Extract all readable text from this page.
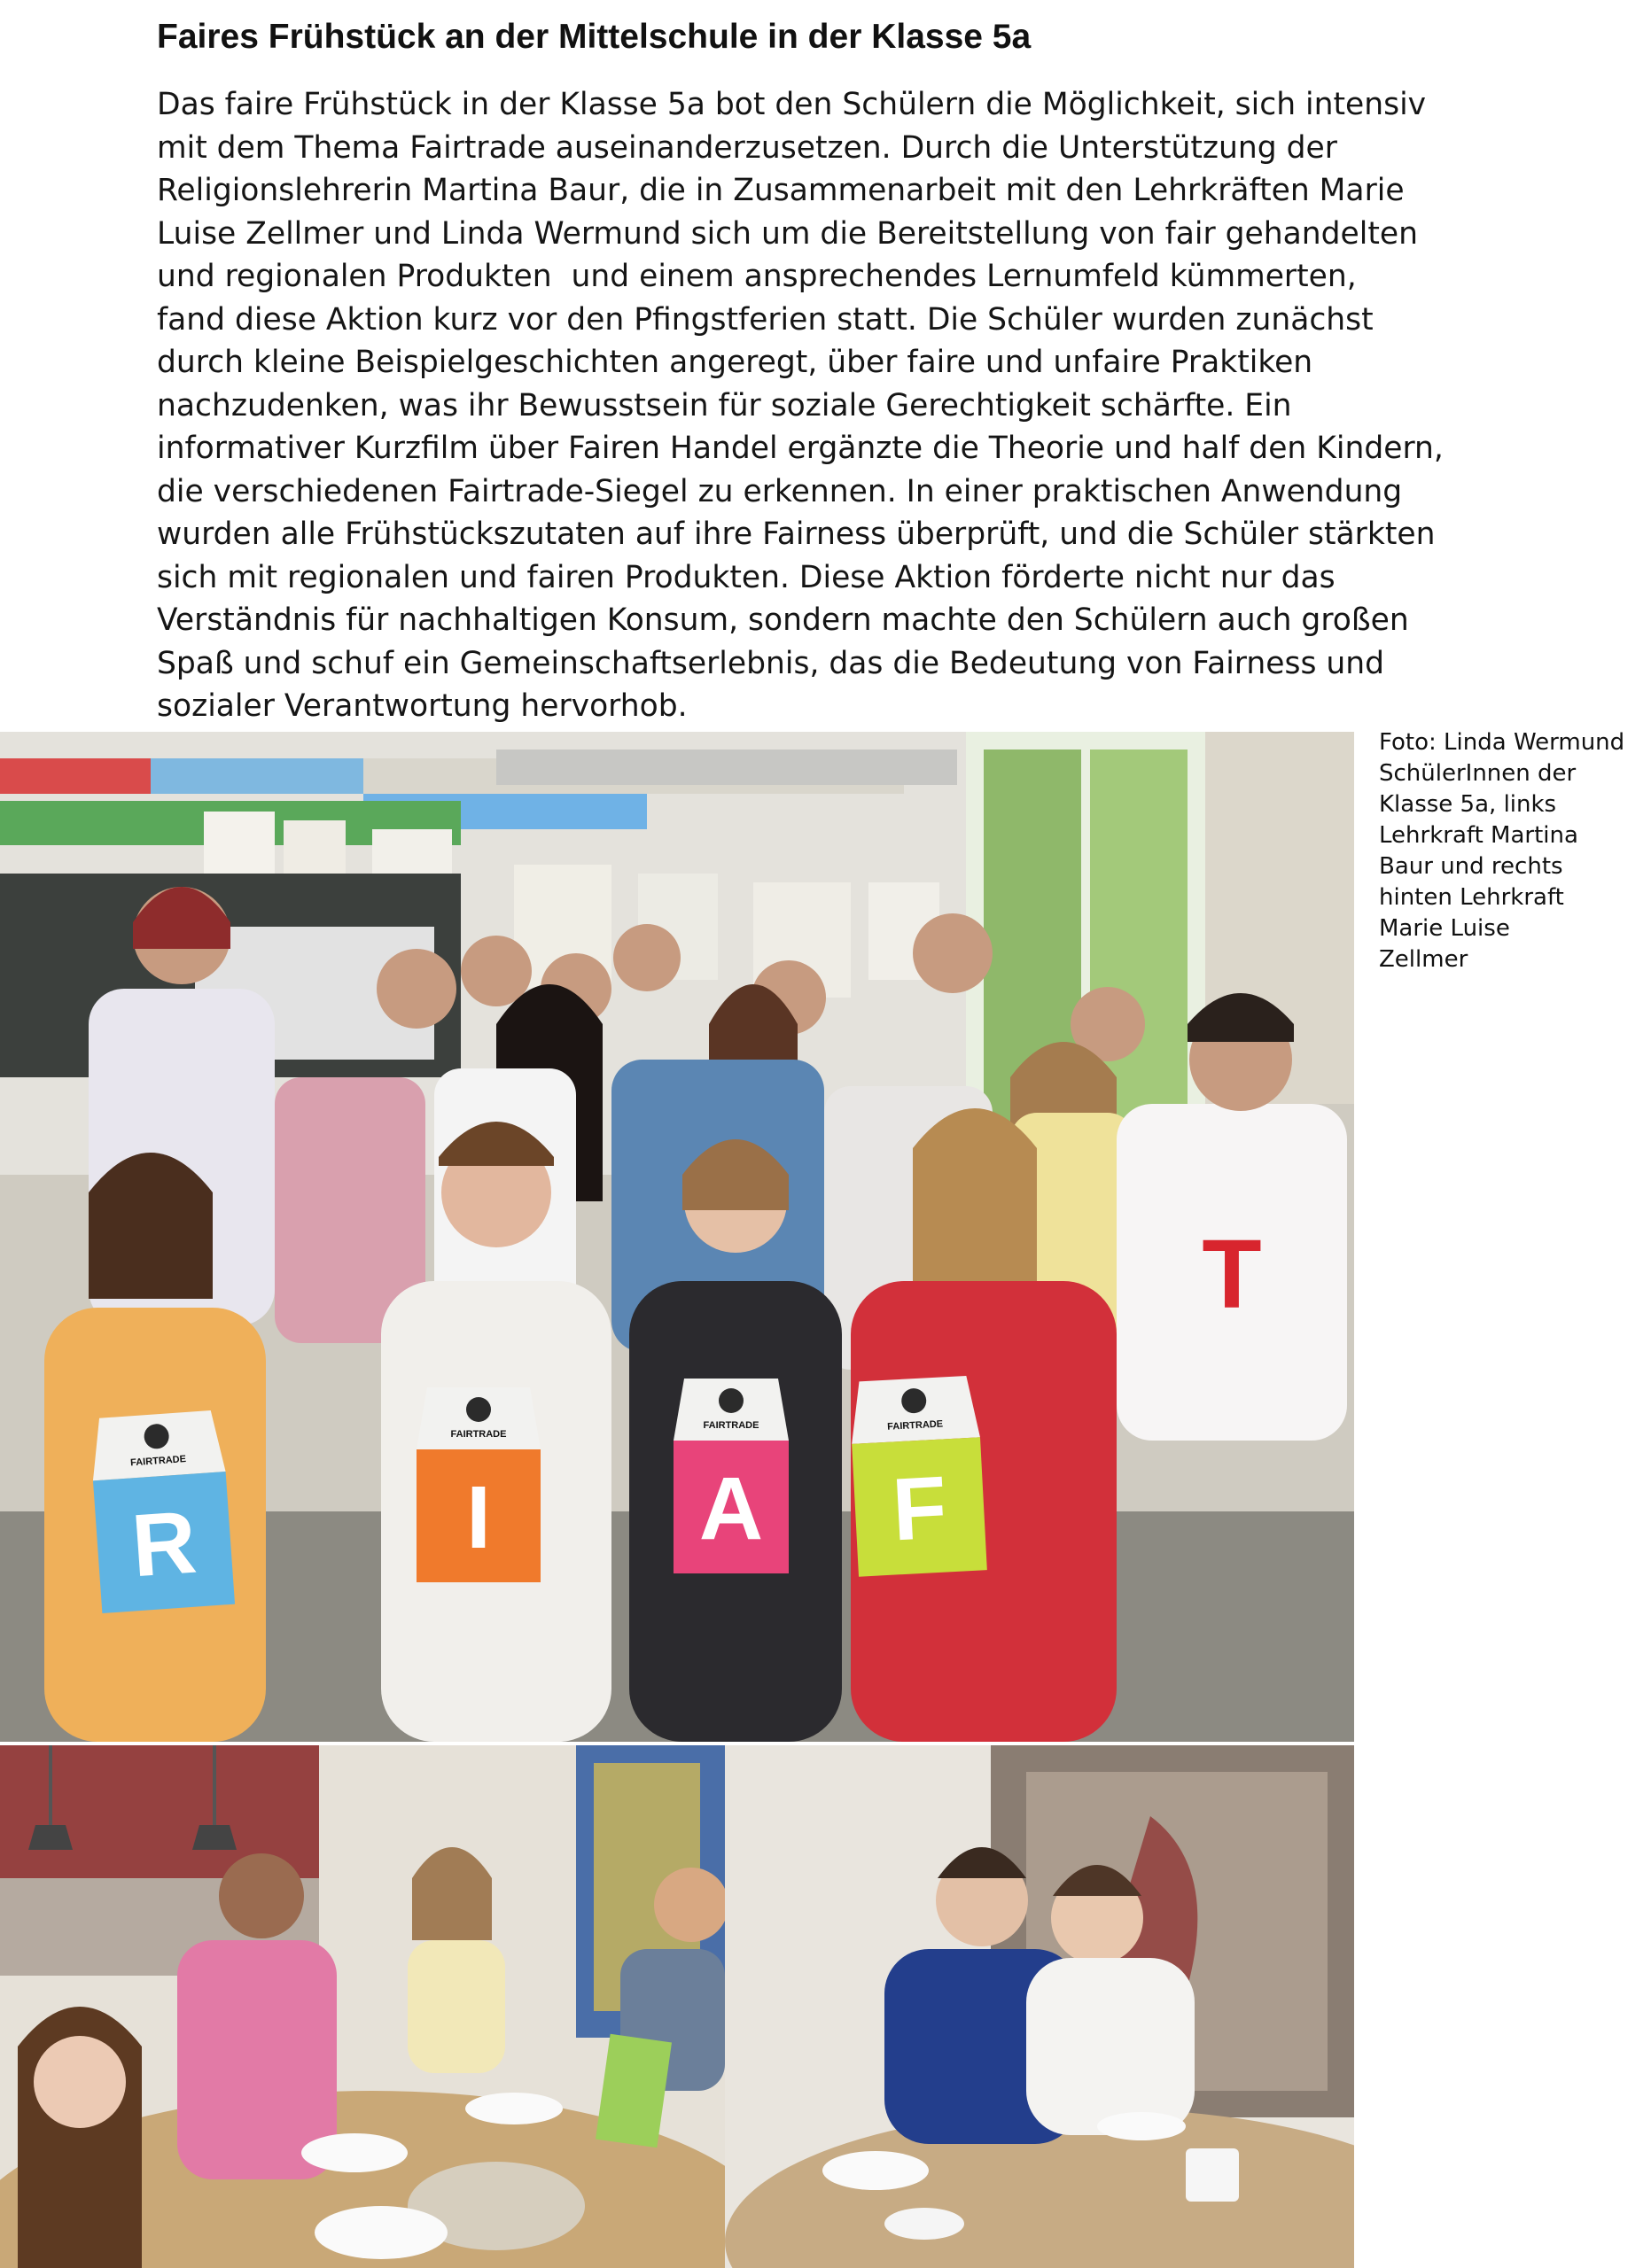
Faires Frühstück an der Mittelschule in der Klasse 5a
Das faire Frühstück in der Klasse 5a bot den Schülern die Möglichkeit, sich intensiv
mit dem Thema Fairtrade auseinanderzusetzen. Durch die Unterstützung der
Religionslehrerin Martina Baur, die in Zusammenarbeit mit den Lehrkräften Marie
Luise Zellmer und Linda Wermund sich um die Bereitstellung von fair gehandelten
und regionalen Produkten  und einem ansprechendes Lernumfeld kümmerten,
fand diese Aktion kurz vor den Pfingstferien statt. Die Schüler wurden zunächst
durch kleine Beispielgeschichten angeregt, über faire und unfaire Praktiken
nachzudenken, was ihr Bewusstsein für soziale Gerechtigkeit schärfte. Ein
informativer Kurzfilm über Fairen Handel ergänzte die Theorie und half den Kindern,
die verschiedenen Fairtrade-Siegel zu erkennen. In einer praktischen Anwendung
wurden alle Frühstückszutaten auf ihre Fairness überprüft, und die Schüler stärkten
sich mit regionalen und fairen Produkten. Diese Aktion förderte nicht nur das
Verständnis für nachhaltigen Konsum, sondern machte den Schülern auch großen
Spaß und schuf ein Gemeinschaftserlebnis, das die Bedeutung von Fairness und
sozialer Verantwortung hervorhob.
Foto: Linda Wermund
SchülerInnen der
Klasse 5a, links
Lehrkraft Martina
Baur und rechts
hinten Lehrkraft
Marie Luise
Zellmer
T
FAIRTRADE
R
FAIRTRADE
I
FAIRTRADE
A
FAIRTRADE
F
